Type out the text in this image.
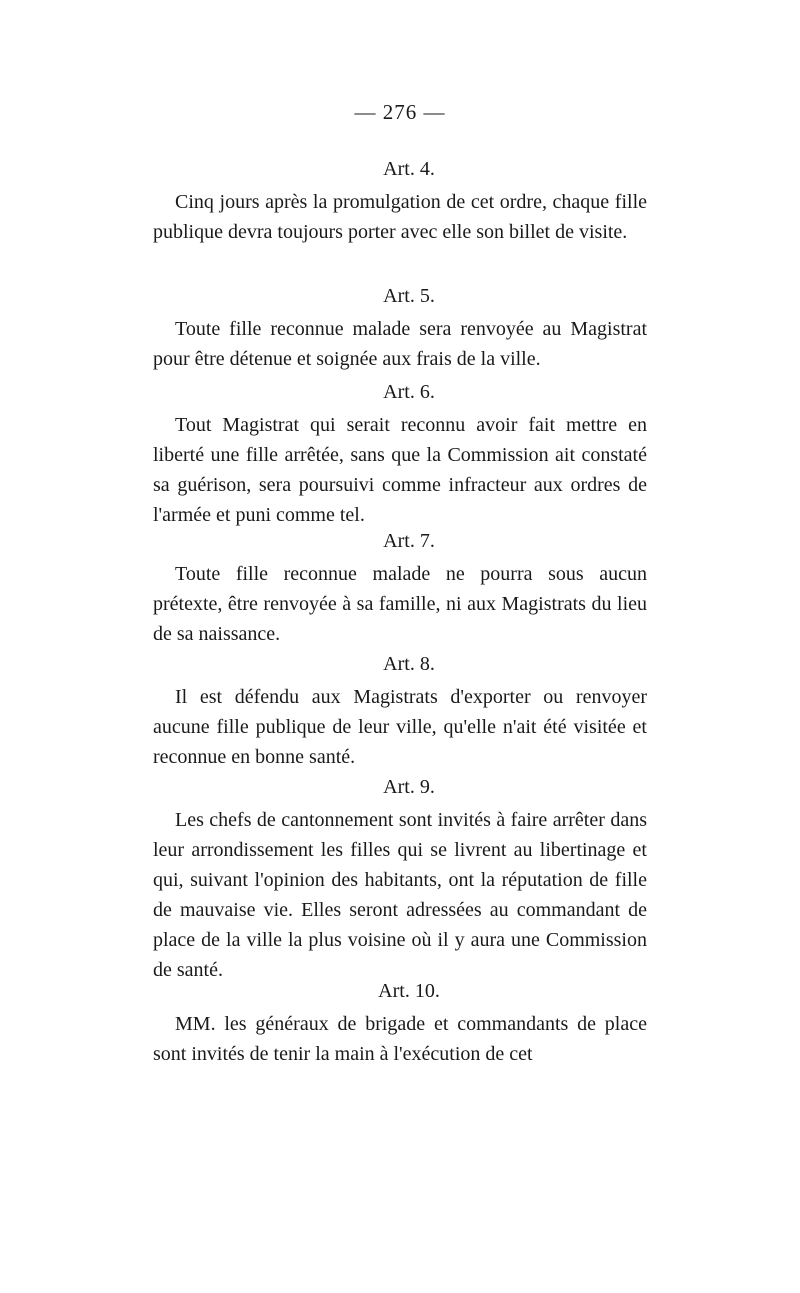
— 276 —
Art. 4.
Cinq jours après la promulgation de cet ordre, chaque fille publique devra toujours porter avec elle son billet de visite.
Art. 5.
Toute fille reconnue malade sera renvoyée au Magistrat pour être détenue et soignée aux frais de la ville.
Art. 6.
Tout Magistrat qui serait reconnu avoir fait mettre en liberté une fille arrêtée, sans que la Commission ait constaté sa guérison, sera poursuivi comme infracteur aux ordres de l'armée et puni comme tel.
Art. 7.
Toute fille reconnue malade ne pourra sous aucun prétexte, être renvoyée à sa famille, ni aux Magistrats du lieu de sa naissance.
Art. 8.
Il est défendu aux Magistrats d'exporter ou renvoyer aucune fille publique de leur ville, qu'elle n'ait été visitée et reconnue en bonne santé.
Art. 9.
Les chefs de cantonnement sont invités à faire arrêter dans leur arrondissement les filles qui se livrent au libertinage et qui, suivant l'opinion des habitants, ont la réputation de fille de mauvaise vie. Elles seront adressées au commandant de place de la ville la plus voisine où il y aura une Commission de santé.
Art. 10.
MM. les généraux de brigade et commandants de place sont invités de tenir la main à l'exécution de cet
